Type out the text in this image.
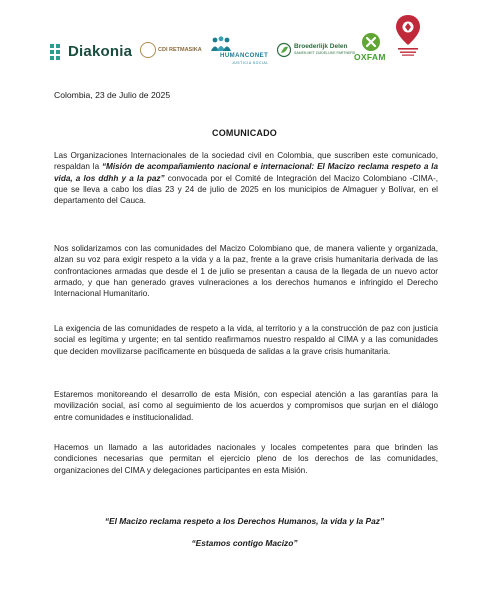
Diakonia	CDI RETMASIKA
HUMANCONET
JUSTICIA SOCIAL
Broederlijk Delen
SAMEN MET ZUIDELIJKE PARTNERS
OXFAM
Colombia, 23 de Julio de 2025
COMUNICADO
Las Organizaciones Internacionales de la sociedad civil en Colombia, que suscriben este comunicado, respaldan la “Misión de acompañamiento nacional e internacional: El Macizo reclama respeto a la vida, a los ddhh y a la paz” convocada por el Comité de Integración del Macizo Colombiano -CIMA-, que se lleva a cabo los días 23 y 24 de julio de 2025 en los municipios de Almaguer y Bolívar, en el departamento del Cauca.
Nos solidarizamos con las comunidades del Macizo Colombiano que, de manera valiente y organizada, alzan su voz para exigir respeto a la vida y a la paz, frente a la grave crisis humanitaria derivada de las confrontaciones armadas que desde el 1 de julio se presentan a causa de la llegada de un nuevo actor armado, y que han generado graves vulneraciones a los derechos humanos e infringido el Derecho Internacional Humanitario.
La exigencia de las comunidades de respeto a la vida, al territorio y a la construcción de paz con justicia social es legítima y urgente; en tal sentido reafirmamos nuestro respaldo al CIMA y a las comunidades que deciden movilizarse pacíficamente en búsqueda de salidas a la grave crisis humanitaria.
Estaremos monitoreando el desarrollo de esta Misión, con especial atención a las garantías para la movilización social, así como al seguimiento de los acuerdos y compromisos que surjan en el diálogo entre comunidades e institucionalidad.
Hacemos un llamado a las autoridades nacionales y locales competentes para que brinden las condiciones necesarias que permitan el ejercicio pleno de los derechos de las comunidades, organizaciones del CIMA y delegaciones participantes en esta Misión.
“El Macizo reclama respeto a los Derechos Humanos, la vida y la Paz”
“Estamos contigo Macizo”
